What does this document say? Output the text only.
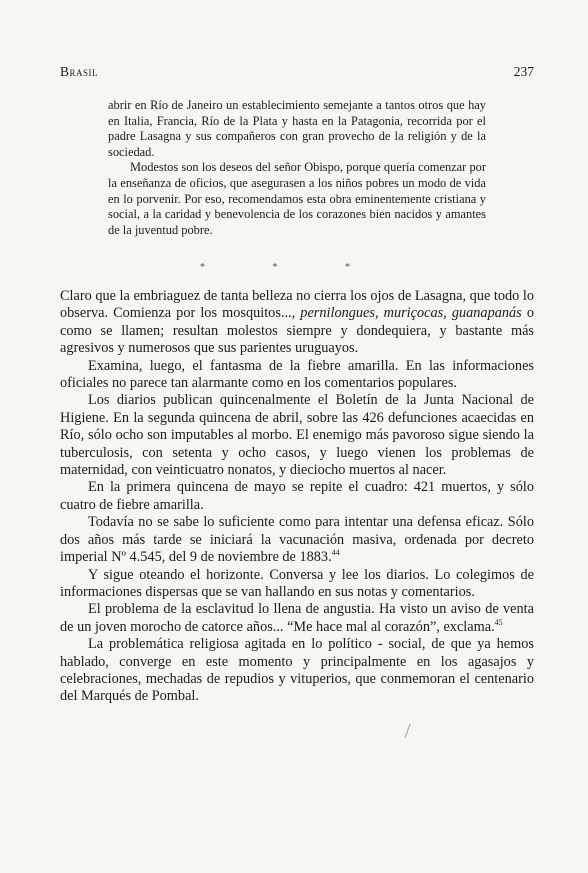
Brasil	237

abrir en Río de Janeiro un establecimiento semejante a tantos otros que hay en Italia, Francia, Río de la Plata y hasta en la Patagonia, recorrida por el padre Lasagna y sus compañeros con gran provecho de la religión y de la sociedad.

Modestos son los deseos del señor Obispo, porque quería comenzar por la enseñanza de oficios, que asegurasen a los niños pobres un modo de vida en lo porvenir. Por eso, recomendamos esta obra eminentemente cristiana y social, a la caridad y benevolencia de los corazones bien nacidos y amantes de la juventud pobre.

*	*	*

Claro que la embriaguez de tanta belleza no cierra los ojos de Lasagna, que todo lo observa. Comienza por los mosquitos..., pernilongues, muriçocas, guanapanás o como se llamen; resultan molestos siempre y dondequiera, y bastante más agresivos y numerosos que sus parientes uruguayos.

Examina, luego, el fantasma de la fiebre amarilla. En las informaciones oficiales no parece tan alarmante como en los comentarios populares.

Los diarios publican quincenalmente el Boletín de la Junta Nacional de Higiene. En la segunda quincena de abril, sobre las 426 defunciones acaecidas en Río, sólo ocho son imputables al morbo. El enemigo más pavoroso sigue siendo la tuberculosis, con setenta y ocho casos, y luego vienen los problemas de maternidad, con veinticuatro nonatos, y dieciocho muertos al nacer.

En la primera quincena de mayo se repite el cuadro: 421 muertos, y sólo cuatro de fiebre amarilla.

Todavía no se sabe lo suficiente como para intentar una defensa eficaz. Sólo dos años más tarde se iniciará la vacunación masiva, ordenada por decreto imperial Nº 4.545, del 9 de noviembre de 1883.44

Y sigue oteando el horizonte. Conversa y lee los diarios. Lo colegimos de informaciones dispersas que se van hallando en sus notas y comentarios.

El problema de la esclavitud lo llena de angustia. Ha visto un aviso de venta de un joven morocho de catorce años... “Me hace mal al corazón”, exclama.$^{45}$

La problemática religiosa agitada en lo político - social, de que ya hemos hablado, converge en este momento y principalmente en los agasajos y celebraciones, mechadas de repudios y vituperios, que conmemoran el centenario del Marqués de Pombal.
